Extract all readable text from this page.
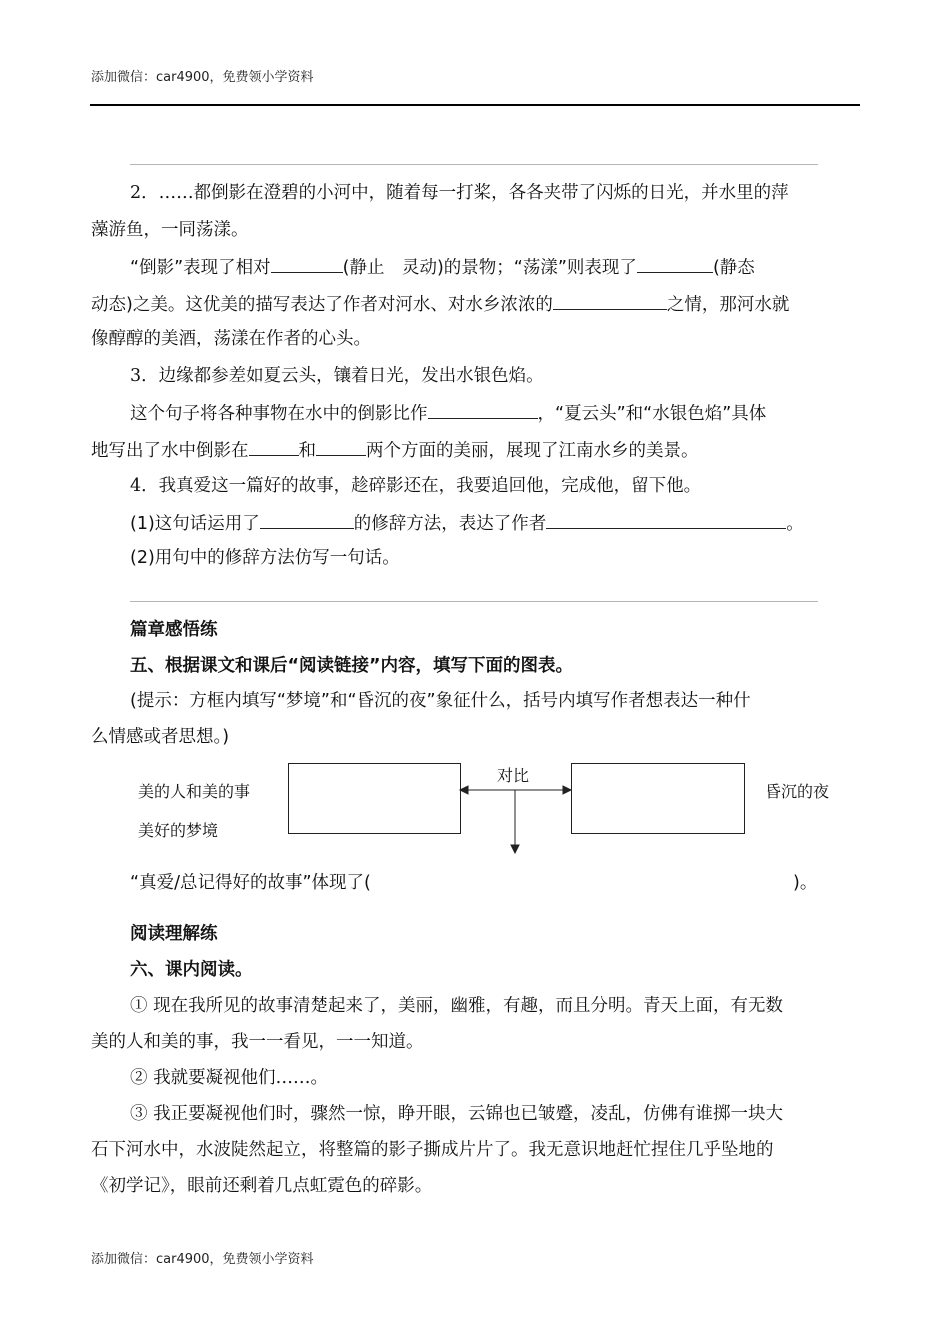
添加微信：car4900，免费领小学资料
2．……都倒影在澄碧的小河中，随着每一打桨，各各夹带了闪烁的日光，并水里的萍
藻游鱼，一同荡漾。
“倒影”表现了相对	(静止　灵动)的景物；“荡漾”则表现了	(静态
动态)之美。这优美的描写表达了作者对河水、对水乡浓浓的	之情，那河水就
像醇醇的美酒，荡漾在作者的心头。
3．边缘都参差如夏云头，镶着日光，发出水银色焰。
这个句子将各种事物在水中的倒影比作	，“夏云头”和“水银色焰”具体
地写出了水中倒影在	和	两个方面的美丽，展现了江南水乡的美景。
4．我真爱这一篇好的故事，趁碎影还在，我要追回他，完成他，留下他。
(1)这句话运用了	的修辞方法，表达了作者	。
(2)用句中的修辞方法仿写一句话。
篇章感悟练
五、根据课文和课后“阅读链接”内容，填写下面的图表。
(提示：方框内填写“梦境”和“昏沉的夜”象征什么，括号内填写作者想表达一种什
么情感或者思想。)
美的人和美的事
美好的梦境
对比
昏沉的夜
“真爱/总记得好的故事”体现了(	)。
阅读理解练
六、课内阅读。
① 现在我所见的故事清楚起来了，美丽，幽雅，有趣，而且分明。青天上面，有无数
美的人和美的事，我一一看见，一一知道。
② 我就要凝视他们……。
③ 我正要凝视他们时，骤然一惊，睁开眼，云锦也已皱蹙，凌乱，仿佛有谁掷一块大
石下河水中，水波陡然起立，将整篇的影子撕成片片了。我无意识地赶忙捏住几乎坠地的
《初学记》，眼前还剩着几点虹霓色的碎影。
添加微信：car4900，免费领小学资料
